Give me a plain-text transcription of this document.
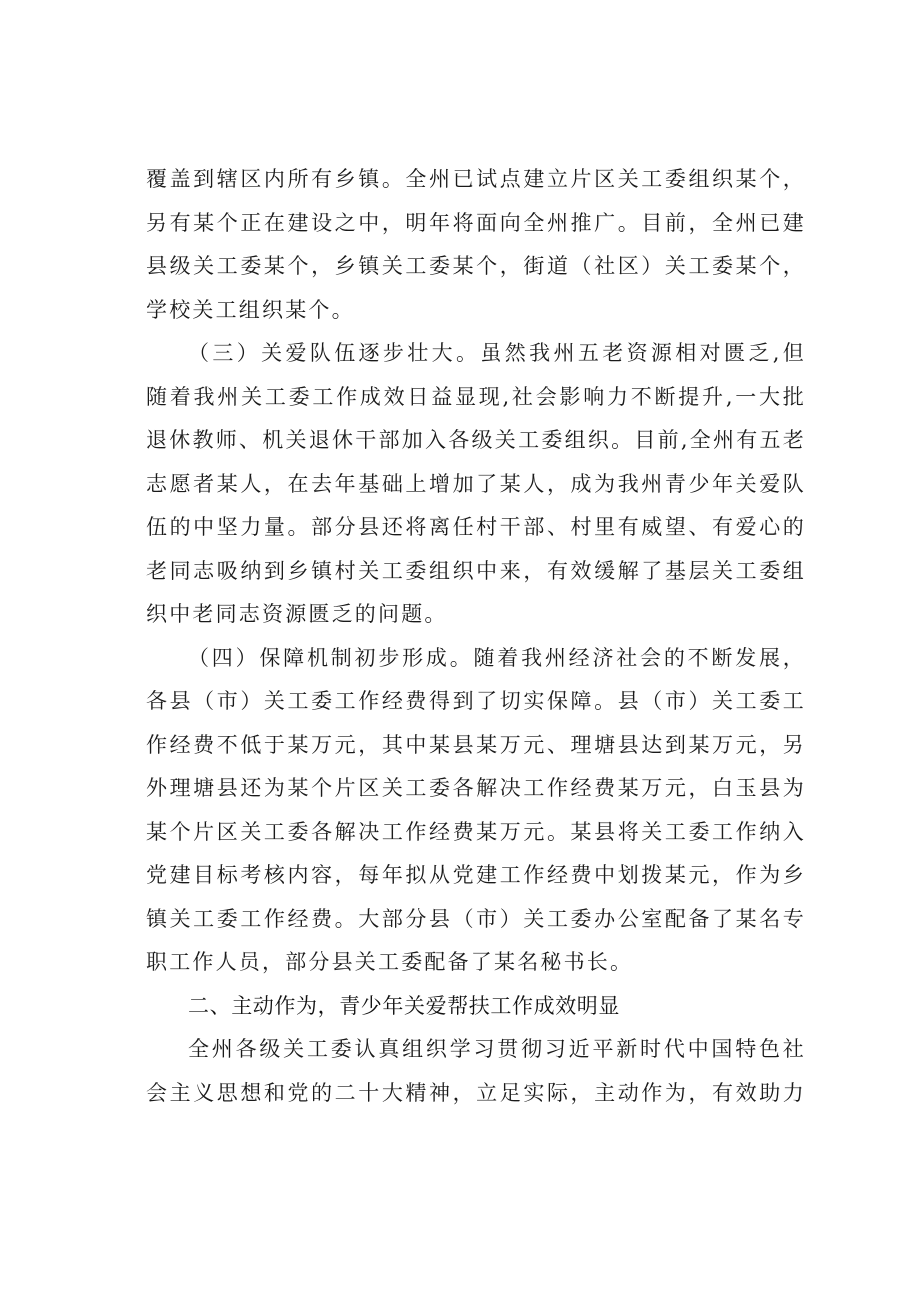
覆盖到辖区内所有乡镇。全州已试点建立片区关工委组织某个，
另有某个正在建设之中，明年将面向全州推广。目前，全州已建
县级关工委某个，乡镇关工委某个，街道（社区）关工委某个，
学校关工组织某个。
（三）关爱队伍逐步壮大。虽然我州五老资源相对匮乏,但
随着我州关工委工作成效日益显现,社会影响力不断提升,一大批
退休教师、机关退休干部加入各级关工委组织。目前,全州有五老
志愿者某人，在去年基础上增加了某人，成为我州青少年关爱队
伍的中坚力量。部分县还将离任村干部、村里有威望、有爱心的
老同志吸纳到乡镇村关工委组织中来，有效缓解了基层关工委组
织中老同志资源匮乏的问题。
（四）保障机制初步形成。随着我州经济社会的不断发展，
各县（市）关工委工作经费得到了切实保障。县（市）关工委工
作经费不低于某万元，其中某县某万元、理塘县达到某万元，另
外理塘县还为某个片区关工委各解决工作经费某万元，白玉县为
某个片区关工委各解决工作经费某万元。某县将关工委工作纳入
党建目标考核内容，每年拟从党建工作经费中划拨某元，作为乡
镇关工委工作经费。大部分县（市）关工委办公室配备了某名专
职工作人员，部分县关工委配备了某名秘书长。
二、主动作为，青少年关爱帮扶工作成效明显
全州各级关工委认真组织学习贯彻习近平新时代中国特色社
会主义思想和党的二十大精神，立足实际，主动作为，有效助力
